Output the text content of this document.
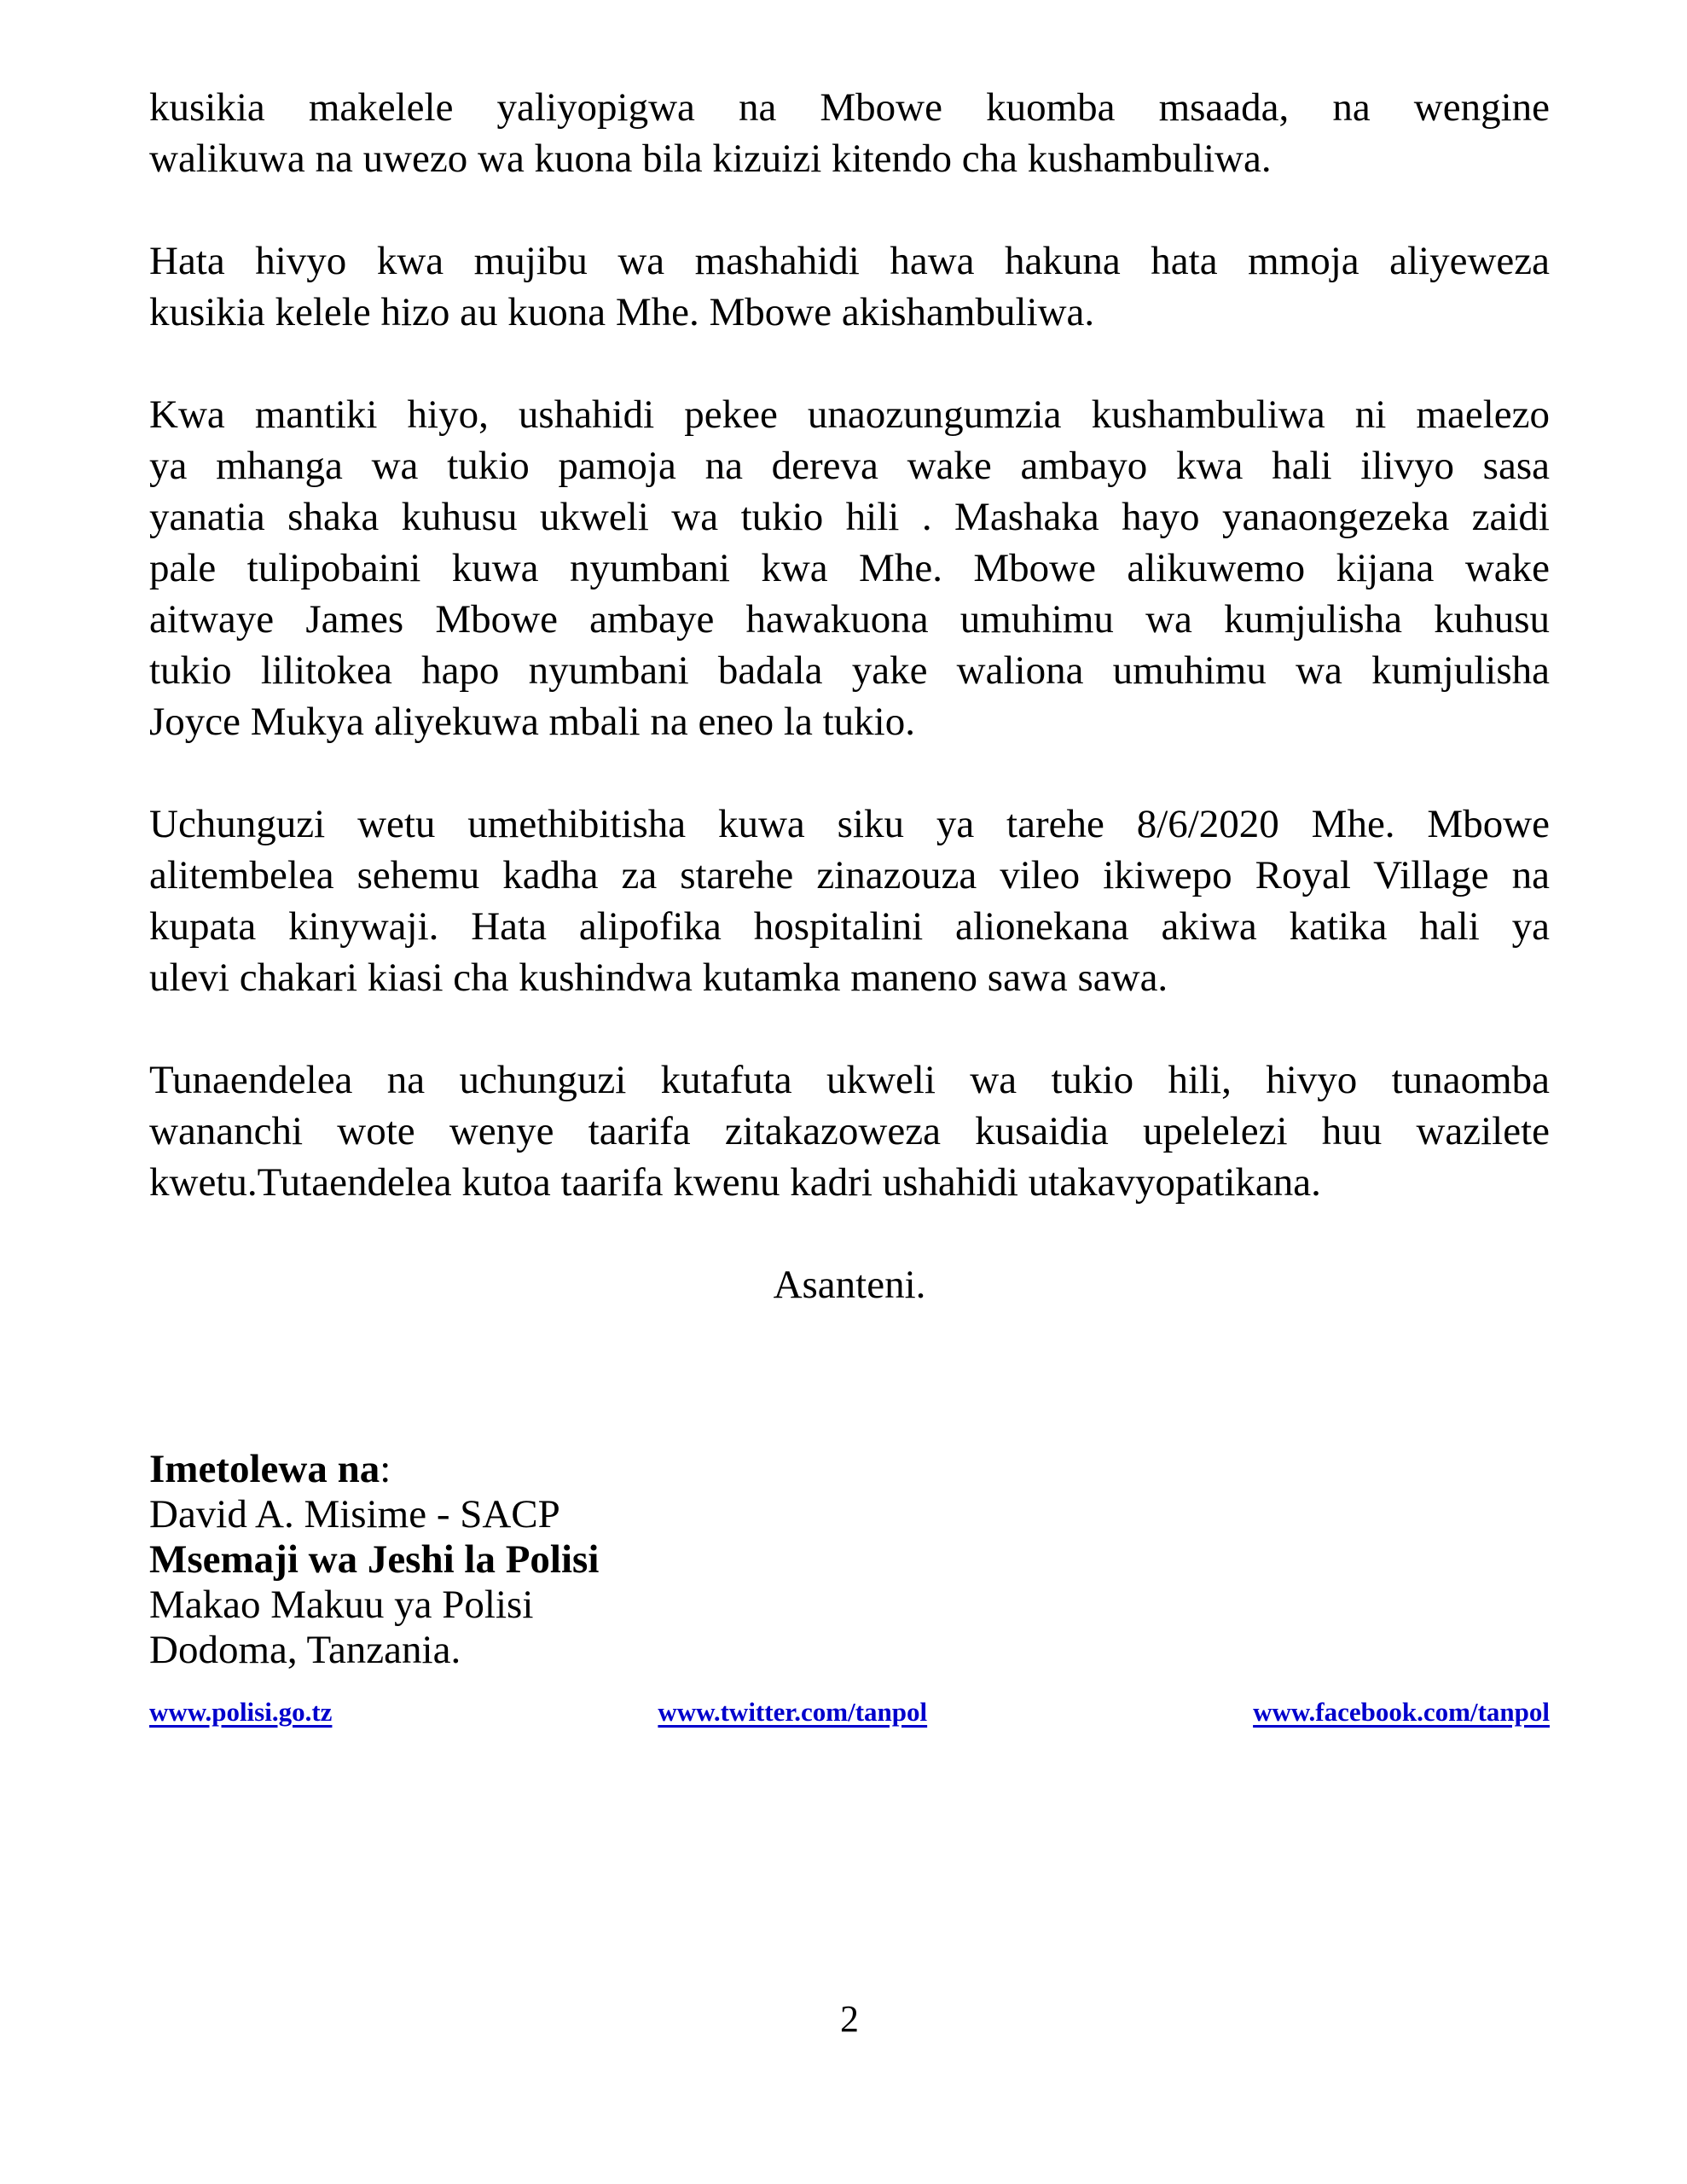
kusikia makelele yaliyopigwa na Mbowe kuomba msaada, na wengine
walikuwa na uwezo wa kuona bila kizuizi kitendo cha kushambuliwa.
Hata hivyo kwa mujibu wa mashahidi hawa hakuna hata mmoja aliyeweza
kusikia kelele hizo au kuona Mhe. Mbowe akishambuliwa.
Kwa mantiki hiyo, ushahidi pekee unaozungumzia kushambuliwa ni maelezo
ya mhanga wa tukio pamoja na dereva wake ambayo kwa hali ilivyo sasa
yanatia shaka kuhusu ukweli wa tukio hili . Mashaka hayo yanaongezeka zaidi
pale tulipobaini kuwa nyumbani kwa Mhe. Mbowe alikuwemo kijana wake
aitwaye James Mbowe ambaye hawakuona umuhimu wa kumjulisha kuhusu
tukio lilitokea hapo nyumbani badala yake waliona umuhimu wa kumjulisha
Joyce Mukya aliyekuwa mbali na eneo la tukio.
Uchunguzi wetu umethibitisha kuwa siku ya tarehe 8/6/2020 Mhe. Mbowe
alitembelea sehemu kadha za starehe zinazouza vileo ikiwepo Royal Village na
kupata kinywaji. Hata alipofika hospitalini alionekana akiwa katika hali ya
ulevi chakari kiasi cha kushindwa kutamka maneno sawa sawa.
Tunaendelea na uchunguzi kutafuta ukweli wa tukio hili, hivyo tunaomba
wananchi wote wenye taarifa zitakazoweza kusaidia upelelezi huu wazilete
kwetu.Tutaendelea kutoa taarifa kwenu kadri ushahidi utakavyopatikana.
Asanteni.
Imetolewa na:
David A. Misime - SACP
Msemaji wa Jeshi la Polisi
Makao Makuu ya Polisi
Dodoma, Tanzania.
www.polisi.go.tz	www.twitter.com/tanpol	www.facebook.com/tanpol
2
